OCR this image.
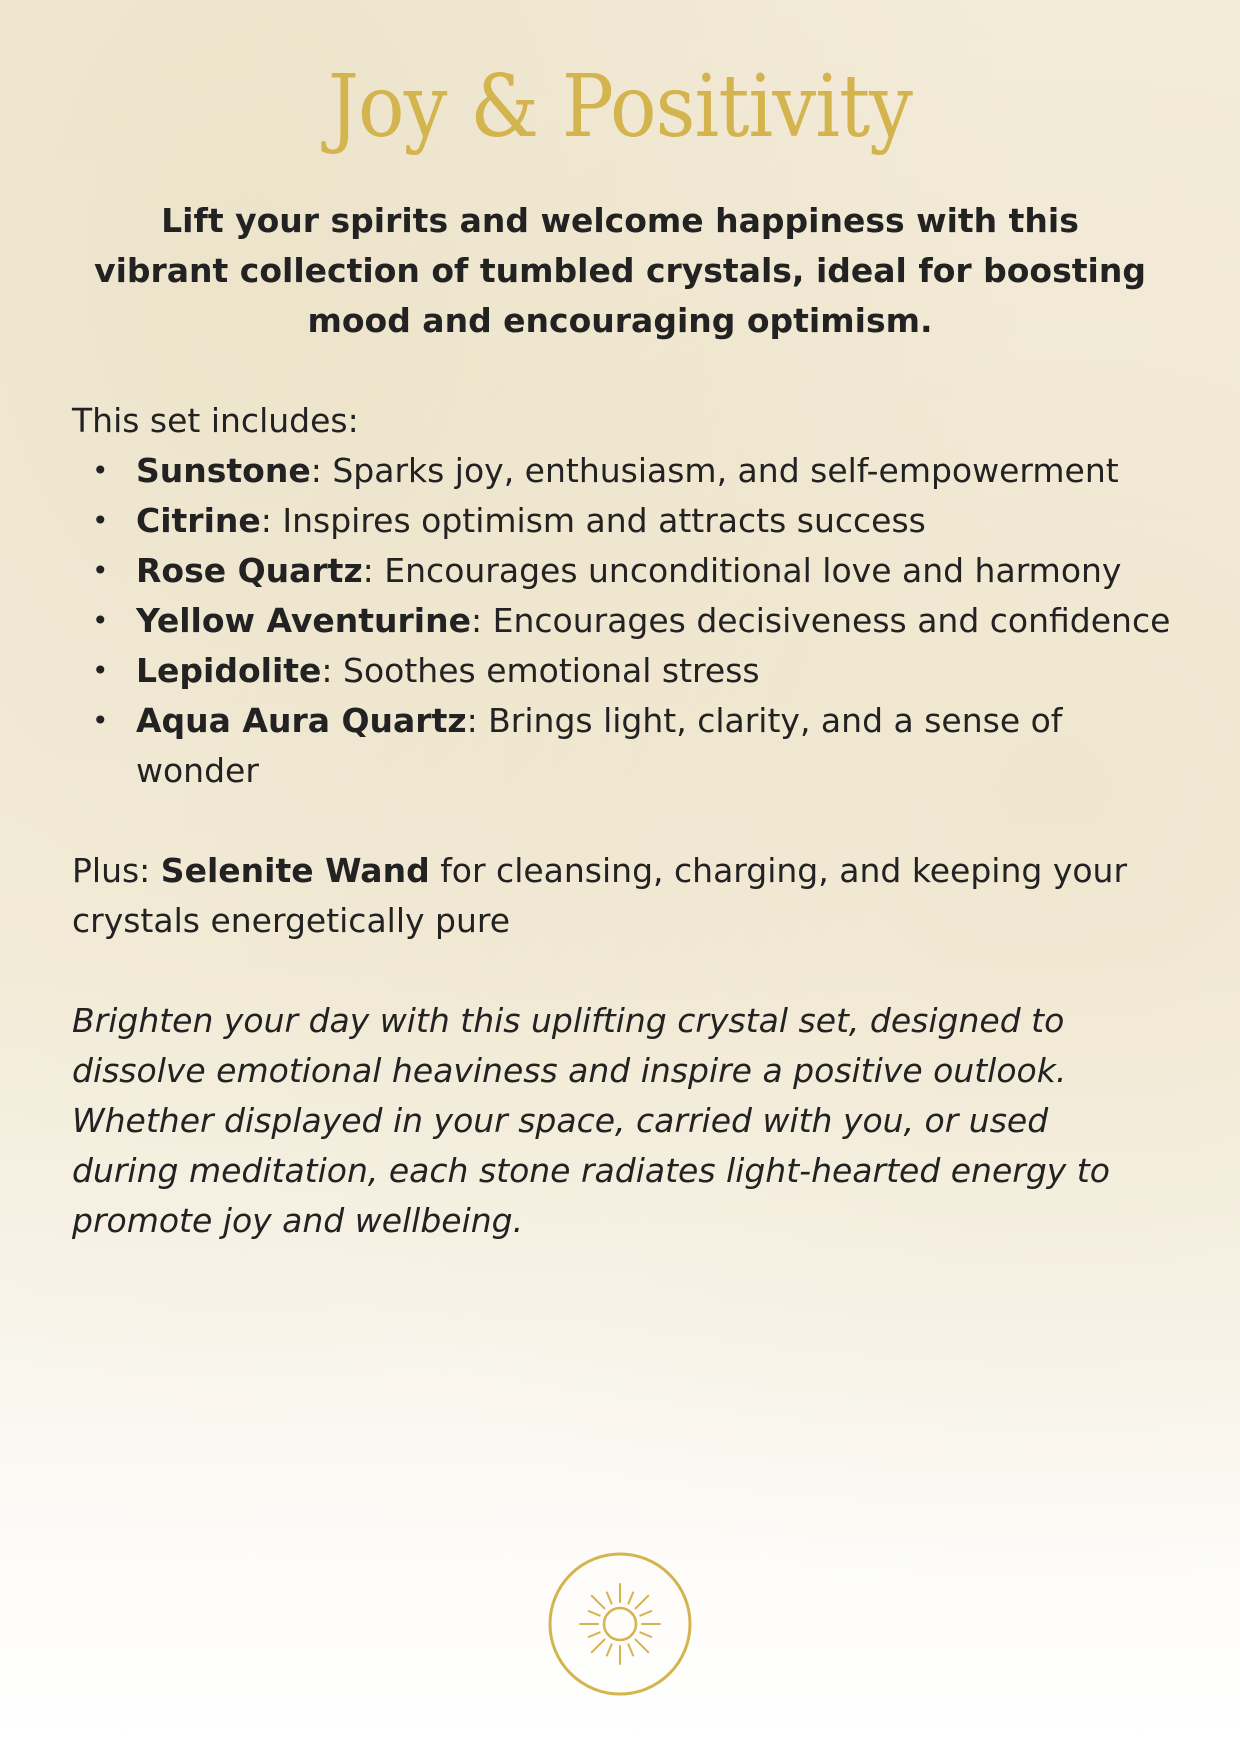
Joy & Positivity

Lift your spirits and welcome happiness with this vibrant collection of tumbled crystals, ideal for boosting mood and encouraging optimism.

This set includes:

• Sunstone: Sparks joy, enthusiasm, and self-empowerment
• Citrine: Inspires optimism and attracts success
• Rose Quartz: Encourages unconditional love and harmony
• Yellow Aventurine: Encourages decisiveness and confidence
• Lepidolite: Soothes emotional stress
• Aqua Aura Quartz: Brings light, clarity, and a sense of wonder

Plus: Selenite Wand for cleansing, charging, and keeping your crystals energetically pure

Brighten your day with this uplifting crystal set, designed to dissolve emotional heaviness and inspire a positive outlook. Whether displayed in your space, carried with you, or used during meditation, each stone radiates light-hearted energy to promote joy and wellbeing.
